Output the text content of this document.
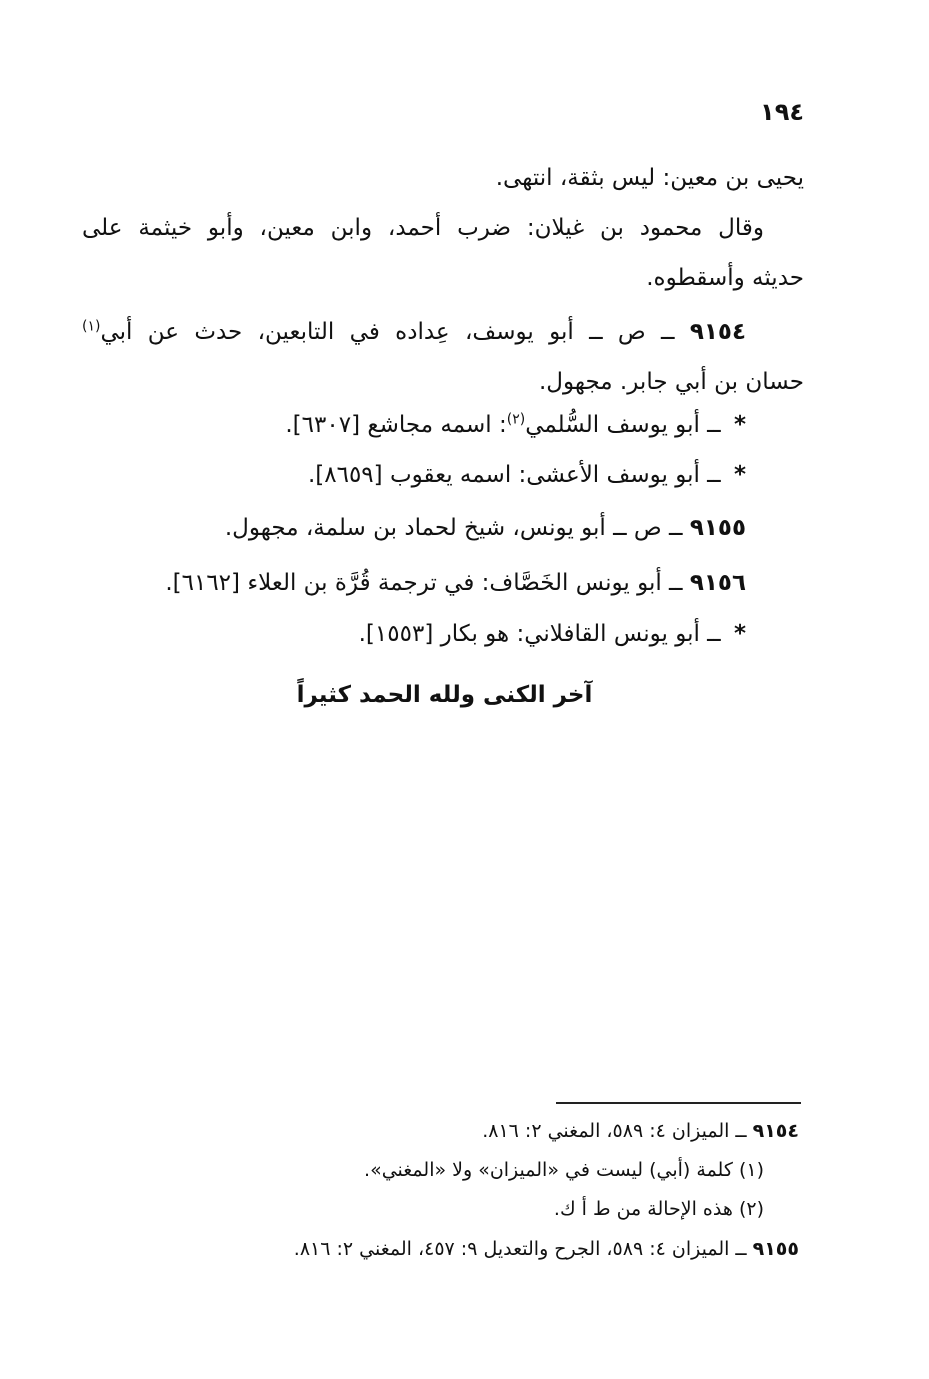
١٩٤
يحيى بن معين: ليس بثقة، انتهى.
وقال محمود بن غيلان: ضرب أحمد، وابن معين، وأبو خيثمة على
حديثه وأسقطوه.
٩١٥٤ ــ ص ــ أبو يوسف، عِداده في التابعين، حدث عن أبي$^{(١)}$
حسان بن أبي جابر. مجهول.
* ــ أبو يوسف السُّلمي$^{(٢)}$: اسمه مجاشع [٦٣٠٧].
* ــ أبو يوسف الأعشى: اسمه يعقوب [٨٦٥٩].
٩١٥٥ ــ ص ــ أبو يونس، شيخ لحماد بن سلمة، مجهول.
٩١٥٦ ــ أبو يونس الخَصَّاف: في ترجمة قُرَّة بن العلاء [٦١٦٢].
* ــ أبو يونس القافلاني: هو بكار [١٥٥٣].
آخر الكنى ولله الحمد كثيراً
٩١٥٤ ــ الميزان ٤: ٥٨٩، المغني ٢: ٨١٦.
(١) كلمة (أبي) ليست في «الميزان» ولا «المغني».
(٢) هذه الإحالة من ط أ ك.
٩١٥٥ ــ الميزان ٤: ٥٨٩، الجرح والتعديل ٩: ٤٥٧، المغني ٢: ٨١٦.
